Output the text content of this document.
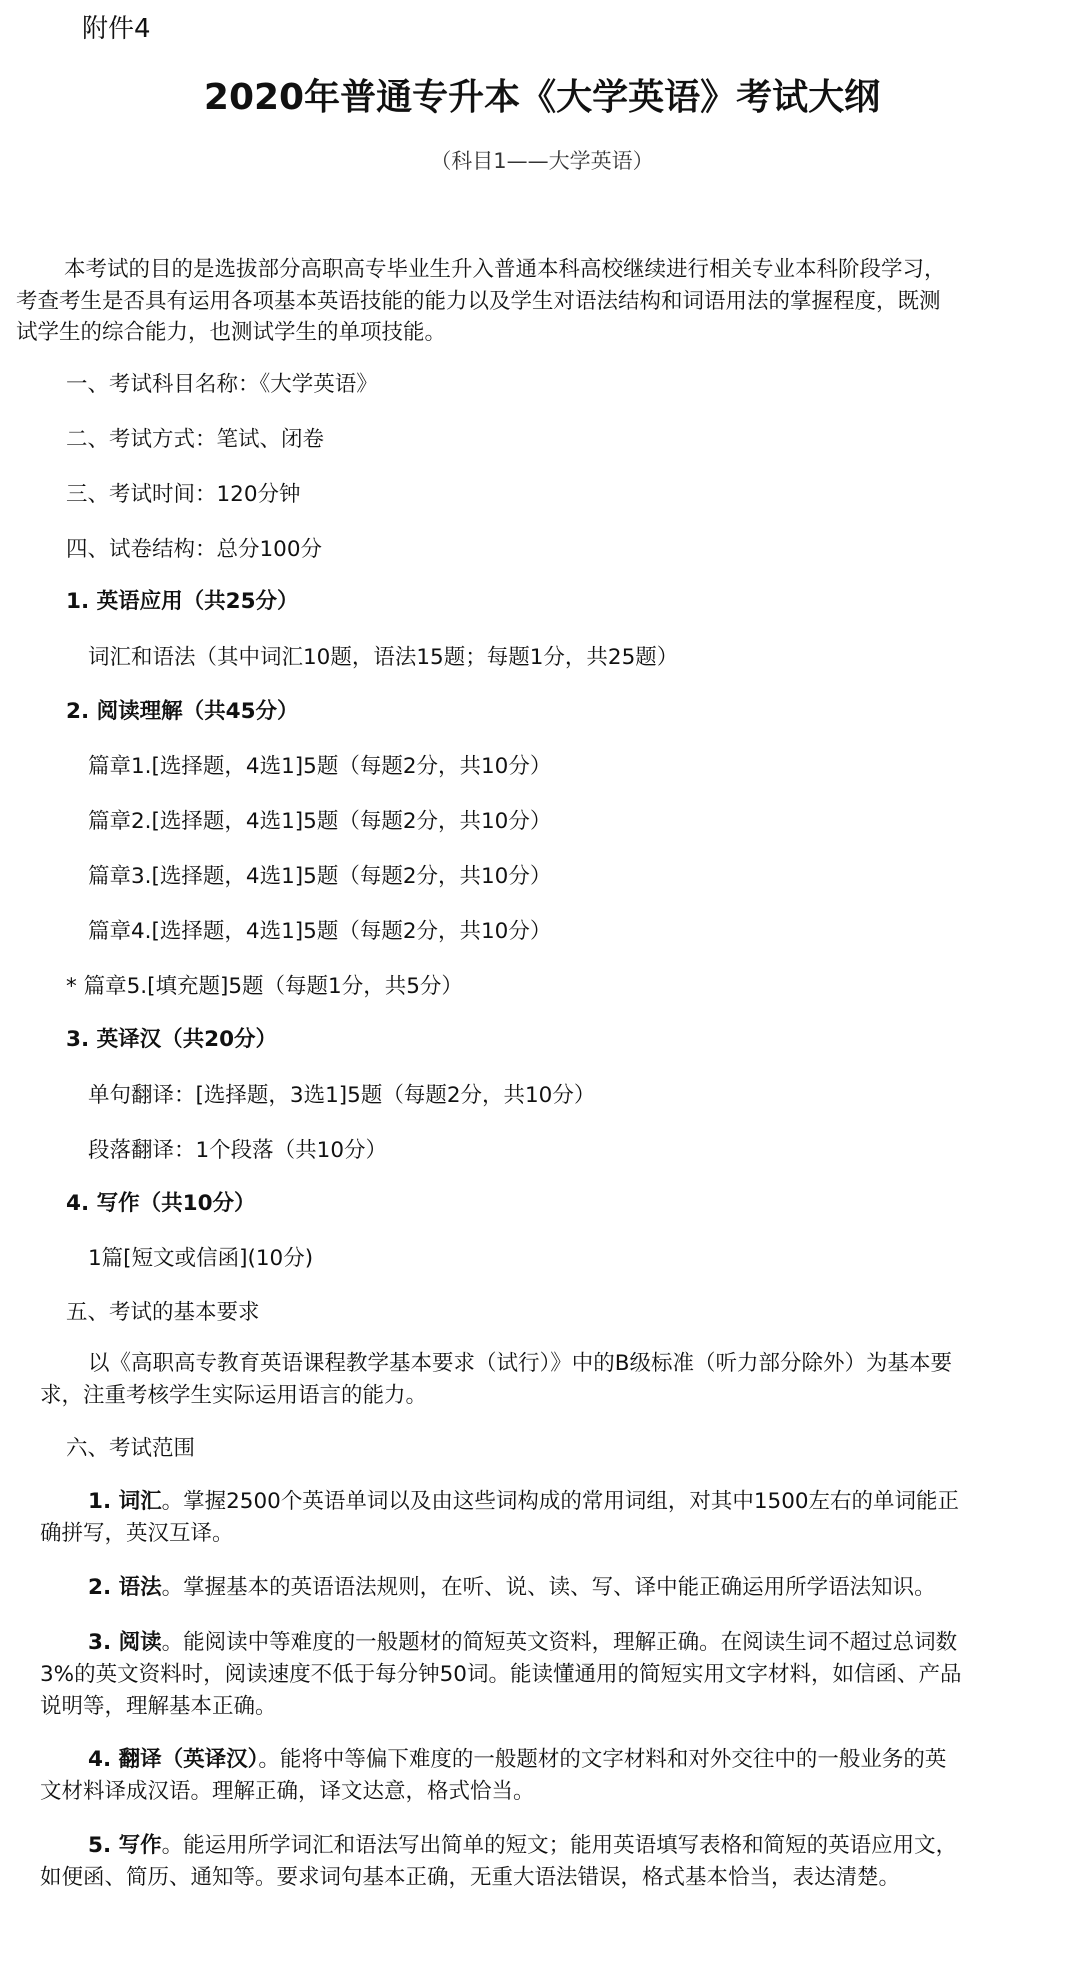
附件4
2020年普通专升本《大学英语》考试大纲
（科目1——大学英语）
本考试的目的是选拔部分高职高专毕业生升入普通本科高校继续进行相关专业本科阶段学习，
考查考生是否具有运用各项基本英语技能的能力以及学生对语法结构和词语用法的掌握程度，既测
试学生的综合能力，也测试学生的单项技能。
一、考试科目名称：《大学英语》
二、考试方式：笔试、闭卷
三、考试时间：120分钟
四、试卷结构：总分100分
1. 英语应用（共25分）
词汇和语法（其中词汇10题，语法15题；每题1分，共25题）
2. 阅读理解（共45分）
篇章1.[选择题，4选1]5题（每题2分，共10分）
篇章2.[选择题，4选1]5题（每题2分，共10分）
篇章3.[选择题，4选1]5题（每题2分，共10分）
篇章4.[选择题，4选1]5题（每题2分，共10分）
* 篇章5.[填充题]5题（每题1分，共5分）
3. 英译汉（共20分）
单句翻译：[选择题，3选1]5题（每题2分，共10分）
段落翻译：1个段落（共10分）
4. 写作（共10分）
1篇[短文或信函](10分)
五、考试的基本要求
以《高职高专教育英语课程教学基本要求（试行）》中的B级标准（听力部分除外）为基本要
求，注重考核学生实际运用语言的能力。
六、考试范围
1. 词汇。掌握2500个英语单词以及由这些词构成的常用词组，对其中1500左右的单词能正
确拼写，英汉互译。
2. 语法。掌握基本的英语语法规则，在听、说、读、写、译中能正确运用所学语法知识。
3. 阅读。能阅读中等难度的一般题材的简短英文资料，理解正确。在阅读生词不超过总词数
3%的英文资料时，阅读速度不低于每分钟50词。能读懂通用的简短实用文字材料，如信函、产品
说明等，理解基本正确。
4. 翻译（英译汉）。能将中等偏下难度的一般题材的文字材料和对外交往中的一般业务的英
文材料译成汉语。理解正确，译文达意，格式恰当。
5. 写作。能运用所学词汇和语法写出简单的短文；能用英语填写表格和简短的英语应用文，
如便函、简历、通知等。要求词句基本正确，无重大语法错误，格式基本恰当，表达清楚。
